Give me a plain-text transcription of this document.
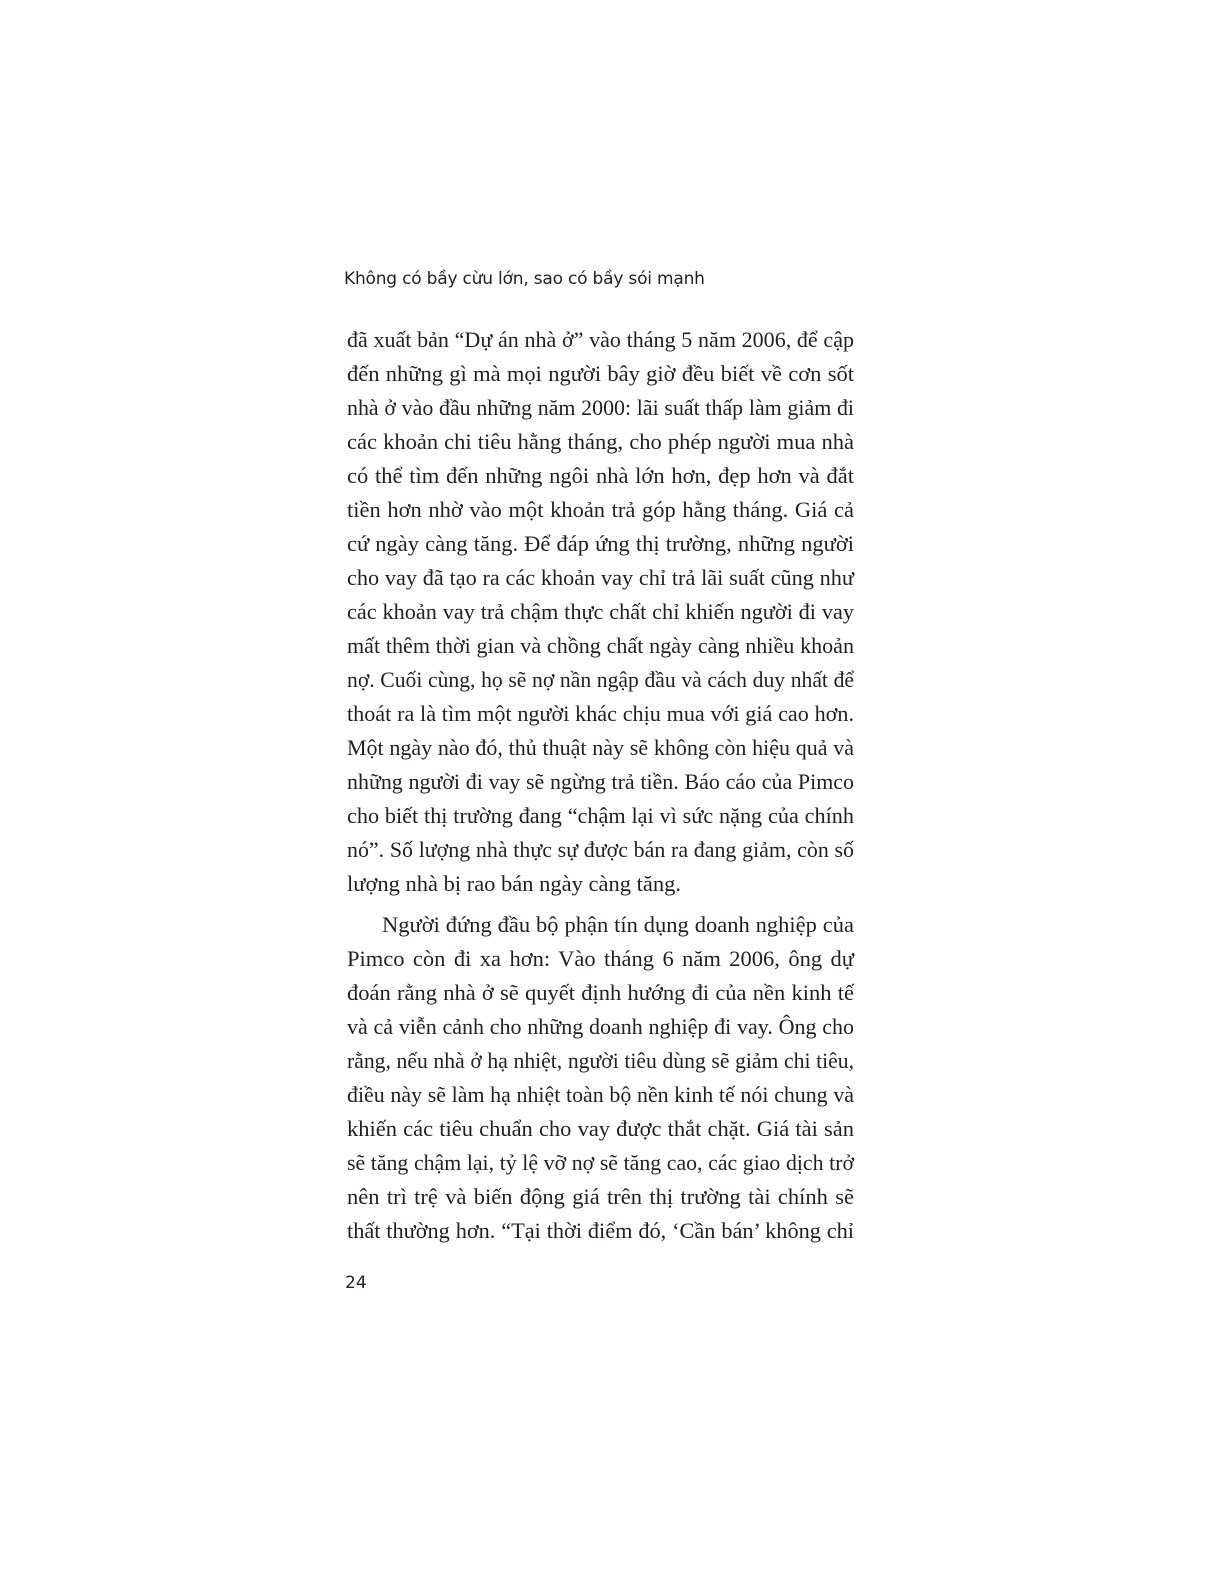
Không có bầy cừu lớn, sao có bầy sói mạnh
đã xuất bản “Dự án nhà ở” vào tháng 5 năm 2006, để cập
đến những gì mà mọi người bây giờ đều biết về cơn sốt
nhà ở vào đầu những năm 2000: lãi suất thấp làm giảm đi
các khoản chi tiêu hằng tháng, cho phép người mua nhà
có thể tìm đến những ngôi nhà lớn hơn, đẹp hơn và đắt
tiền hơn nhờ vào một khoản trả góp hằng tháng. Giá cả
cứ ngày càng tăng. Để đáp ứng thị trường, những người
cho vay đã tạo ra các khoản vay chỉ trả lãi suất cũng như
các khoản vay trả chậm thực chất chỉ khiến người đi vay
mất thêm thời gian và chồng chất ngày càng nhiều khoản
nợ. Cuối cùng, họ sẽ nợ nần ngập đầu và cách duy nhất để
thoát ra là tìm một người khác chịu mua với giá cao hơn.
Một ngày nào đó, thủ thuật này sẽ không còn hiệu quả và
những người đi vay sẽ ngừng trả tiền. Báo cáo của Pimco
cho biết thị trường đang “chậm lại vì sức nặng của chính
nó”. Số lượng nhà thực sự được bán ra đang giảm, còn số
lượng nhà bị rao bán ngày càng tăng.
Người đứng đầu bộ phận tín dụng doanh nghiệp của
Pimco còn đi xa hơn: Vào tháng 6 năm 2006, ông dự
đoán rằng nhà ở sẽ quyết định hướng đi của nền kinh tế
và cả viễn cảnh cho những doanh nghiệp đi vay. Ông cho
rằng, nếu nhà ở hạ nhiệt, người tiêu dùng sẽ giảm chi tiêu,
điều này sẽ làm hạ nhiệt toàn bộ nền kinh tế nói chung và
khiến các tiêu chuẩn cho vay được thắt chặt. Giá tài sản
sẽ tăng chậm lại, tỷ lệ vỡ nợ sẽ tăng cao, các giao dịch trở
nên trì trệ và biến động giá trên thị trường tài chính sẽ
thất thường hơn. “Tại thời điểm đó, ‘Cần bán’ không chỉ
24
